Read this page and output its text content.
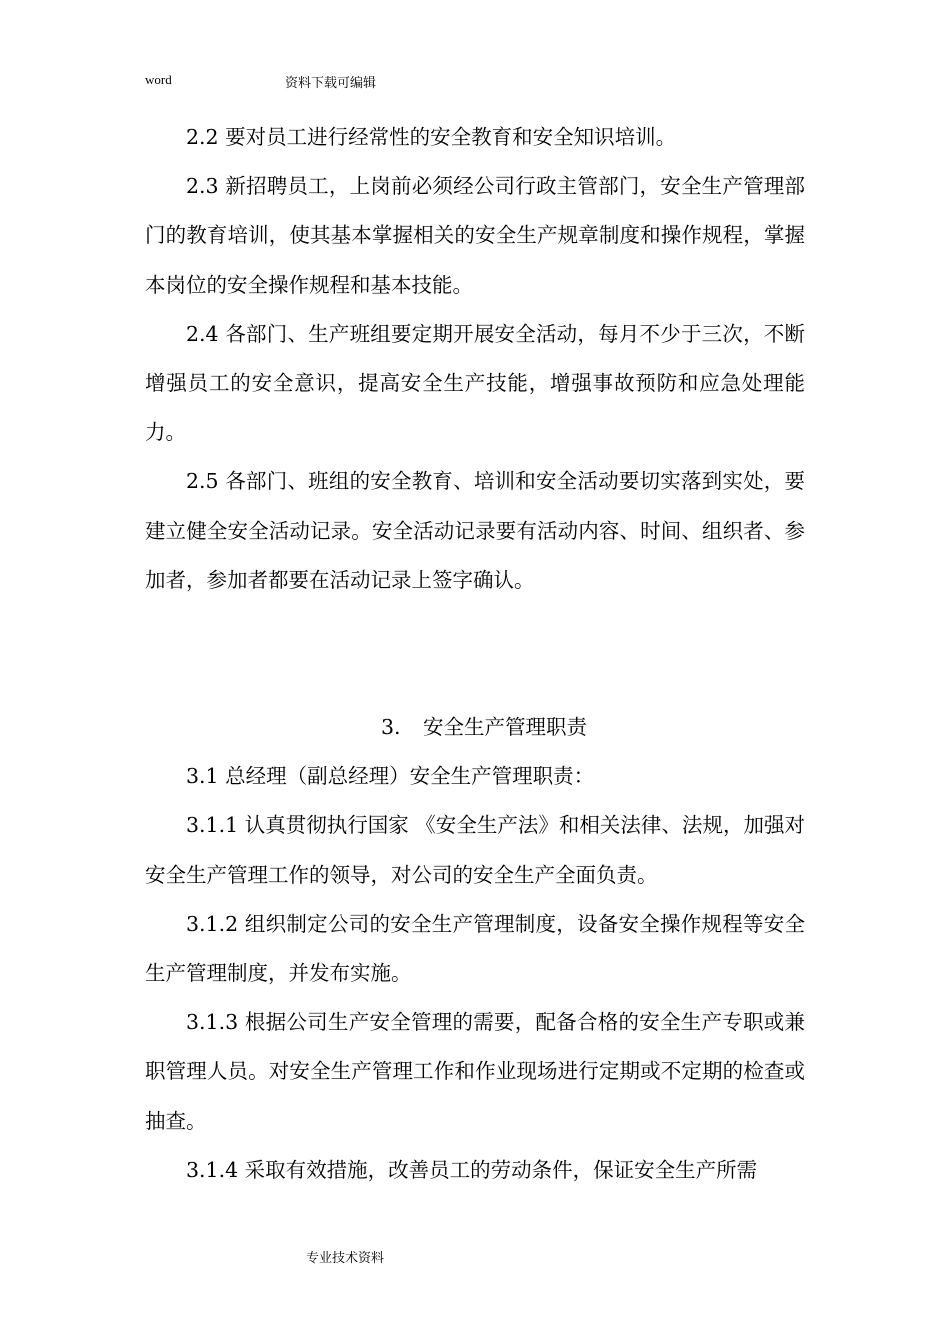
word	资料下载可编辑

2.2 要对员工进行经常性的安全教育和安全知识培训。

2.3 新招聘员工，上岗前必须经公司行政主管部门，安全生产管理部门的教育培训，使其基本掌握相关的安全生产规章制度和操作规程，掌握本岗位的安全操作规程和基本技能。

2.4 各部门、生产班组要定期开展安全活动，每月不少于三次，不断增强员工的安全意识，提高安全生产技能，增强事故预防和应急处理能力。

2.5 各部门、班组的安全教育、培训和安全活动要切实落到实处，要建立健全安全活动记录。安全活动记录要有活动内容、时间、组织者、参加者，参加者都要在活动记录上签字确认。

3. 安全生产管理职责

3.1 总经理（副总经理）安全生产管理职责：

3.1.1 认真贯彻执行国家 《安全生产法》和相关法律、法规，加强对安全生产管理工作的领导，对公司的安全生产全面负责。

3.1.2 组织制定公司的安全生产管理制度，设备安全操作规程等安全生产管理制度，并发布实施。

3.1.3 根据公司生产安全管理的需要，配备合格的安全生产专职或兼职管理人员。对安全生产管理工作和作业现场进行定期或不定期的检查或抽查。

3.1.4 采取有效措施，改善员工的劳动条件，保证安全生产所需

专业技术资料
